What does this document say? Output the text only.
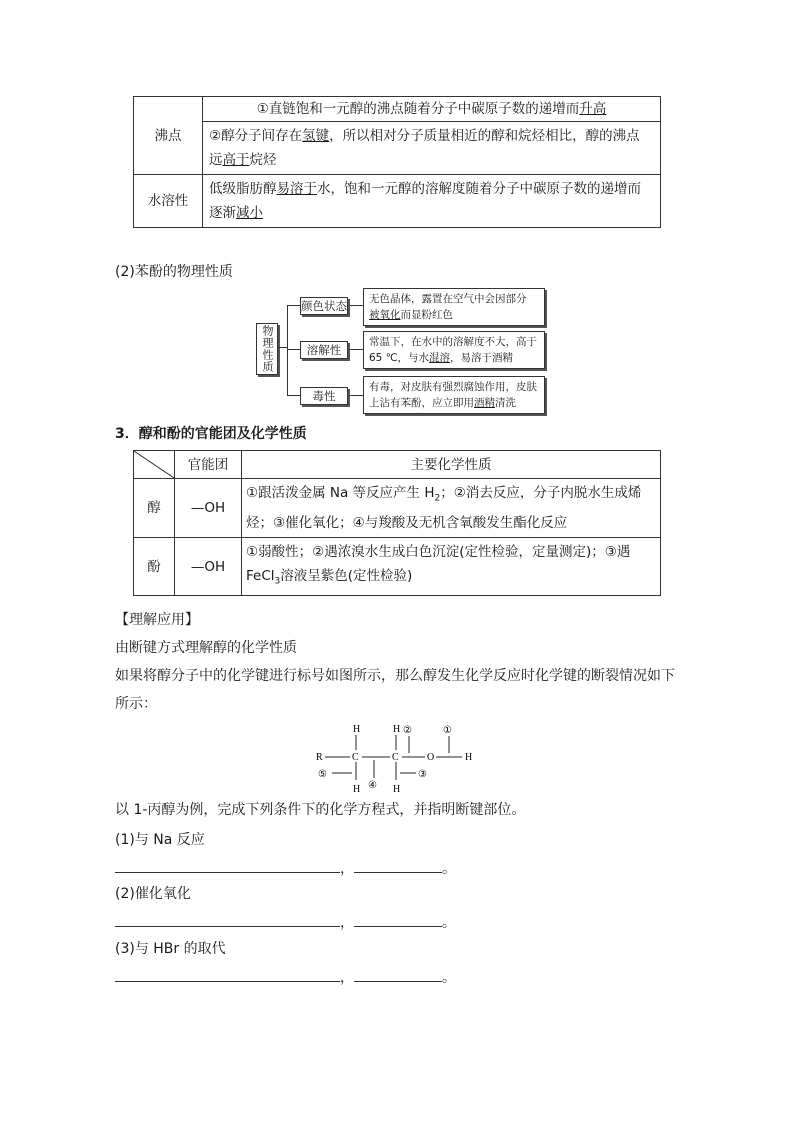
沸点	①直链饱和一元醇的沸点随着分子中碳原子数的递增而升高

	②醇分子间存在氢键，所以相对分子质量相近的醇和烷烃相比，醇的沸点
远高于烷烃

水溶性	低级脂肪醇易溶于水，饱和一元醇的溶解度随着分子中碳原子数的递增而
逐渐减小
(2)苯酚的物理性质
物理性质
颜色状态
溶解性
毒性
无色晶体，露置在空气中会因部分
被氧化而显粉红色
常温下，在水中的溶解度不大，高于
65 ℃，与水混溶，易溶于酒精
有毒，对皮肤有强烈腐蚀作用，皮肤
上沾有苯酚，应立即用酒精清洗
3．醇和酚的官能团及化学性质
	官能团	主要化学性质
醇	—OH	①跟活泼金属 Na 等反应产生 $H_2$；②消去反应，分子内脱水生成烯
烃；③催化氧化；④与羧酸及无机含氧酸发生酯化反应

酚	—OH	①弱酸性；②遇浓溴水生成白色沉淀(定性检验，定量测定)；③遇
FeCl$_3$溶液呈紫色(定性检验)
【理解应用】
由断键方式理解醇的化学性质
如果将醇分子中的化学键进行标号如图所示，那么醇发生化学反应时化学键的断裂情况如下
所示：
R	C
H
H
C
H
H
O	H
①
②
③
④
⑤
以 1-丙醇为例，完成下列条件下的化学方程式，并指明断键部位。
(1)与 Na 反应
，	。
(2)催化氧化
，	。
(3)与 HBr 的取代
，	。
